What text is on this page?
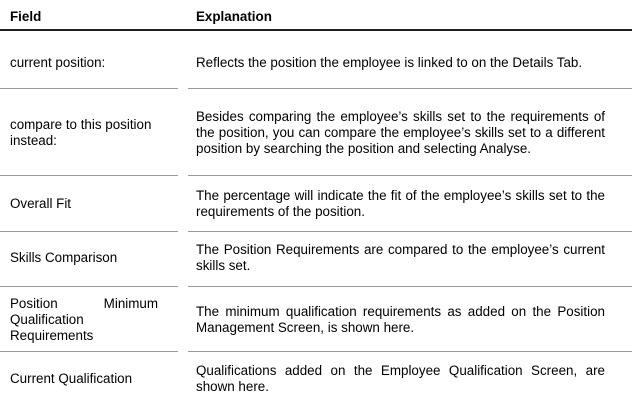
Field	Explanation
current position:	Reflects the position the employee is linked to on the Details Tab.
compare to this position instead:
Besides comparing the employee’s skills set to the requirements of the position, you can compare the employee’s skills set to a different position by searching the position and selecting Analyse.
Overall Fit
The percentage will indicate the fit of the employee’s skills set to the requirements of the position.
Skills Comparison
The Position Requirements are compared to the employee’s current skills set.
Position Minimum Qualification Requirements
The minimum qualification requirements as added on the Position Management Screen, is shown here.
Current Qualification
Qualifications added on the Employee Qualification Screen, are shown here.
